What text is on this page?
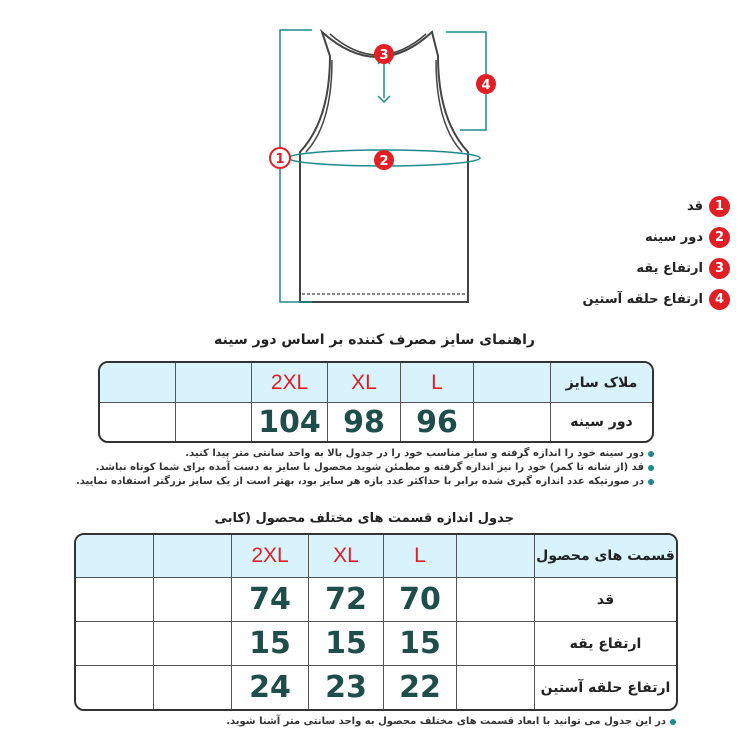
1	2
3
4
1
قد
2
دور سینه
3
ارتفاع یقه
4
ارتفاع حلقه آستین
راهنمای سایز مصرف کننده بر اساس دور سینه
		2XL	XL	L		ملاک سایز
		104	98	96		دور سینه
دور سینه خود را اندازه گرفته و سایز مناسب خود را در جدول بالا به واحد سانتی متر پیدا کنید.
قد (از شانه تا کمر) خود را نیز اندازه گرفته و مطمئن شوید محصول با سایز به دست آمده برای شما کوتاه نباشد.
در صورتیکه عدد اندازه گیری شده برابر با حداکثر عدد بازه هر سایز بود، بهتر است از یک سایز بزرگتر استفاده نمایید.
جدول اندازه قسمت های مختلف محصول (کابی
		2XL	XL	L		قسمت های محصول
		74	72	70		قد
		15	15	15		ارتفاع یقه
		24	23	22		ارتفاع حلقه آستین
در این جدول می توانید با ابعاد قسمت های مختلف محصول به واحد سانتی متر آشنا شوید.
